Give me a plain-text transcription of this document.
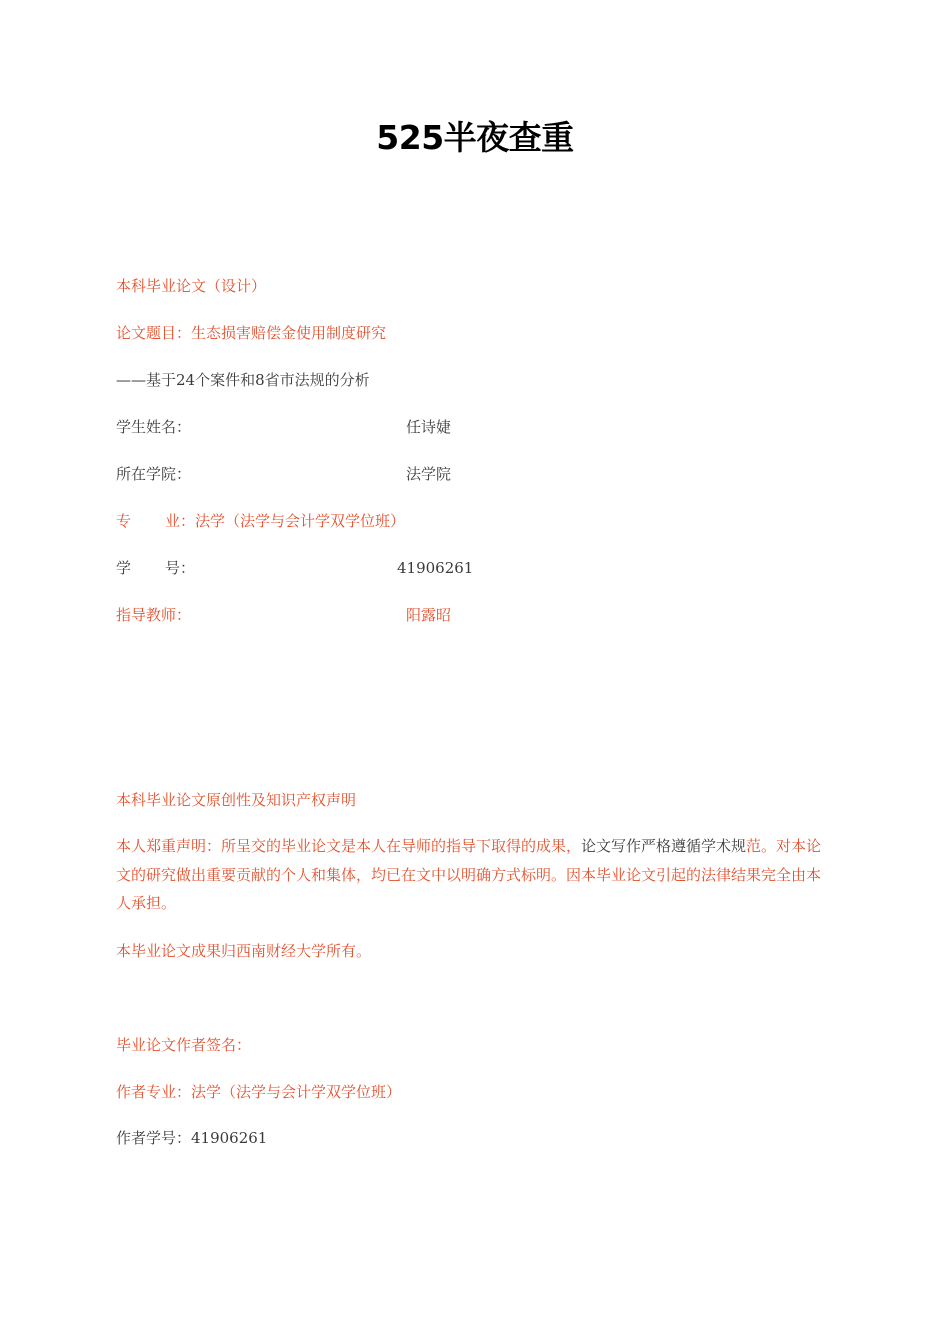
525半夜查重
本科毕业论文（设计）
论文题目：生态损害赔偿金使用制度研究
——基于24个案件和8省市法规的分析
学生姓名：	任诗婕
所在学院：	法学院
专 业：法学（法学与会计学双学位班）
学 号：	41906261
指导教师：	阳露昭
本科毕业论文原创性及知识产权声明
本人郑重声明：所呈交的毕业论文是本人在导师的指导下取得的成果，论文写作严格遵循学术规范。对本论文的研究做出重要贡献的个人和集体，均已在文中以明确方式标明。因本毕业论文引起的法律结果完全由本人承担。
本毕业论文成果归西南财经大学所有。
毕业论文作者签名：
作者专业：法学（法学与会计学双学位班）
作者学号：41906261
